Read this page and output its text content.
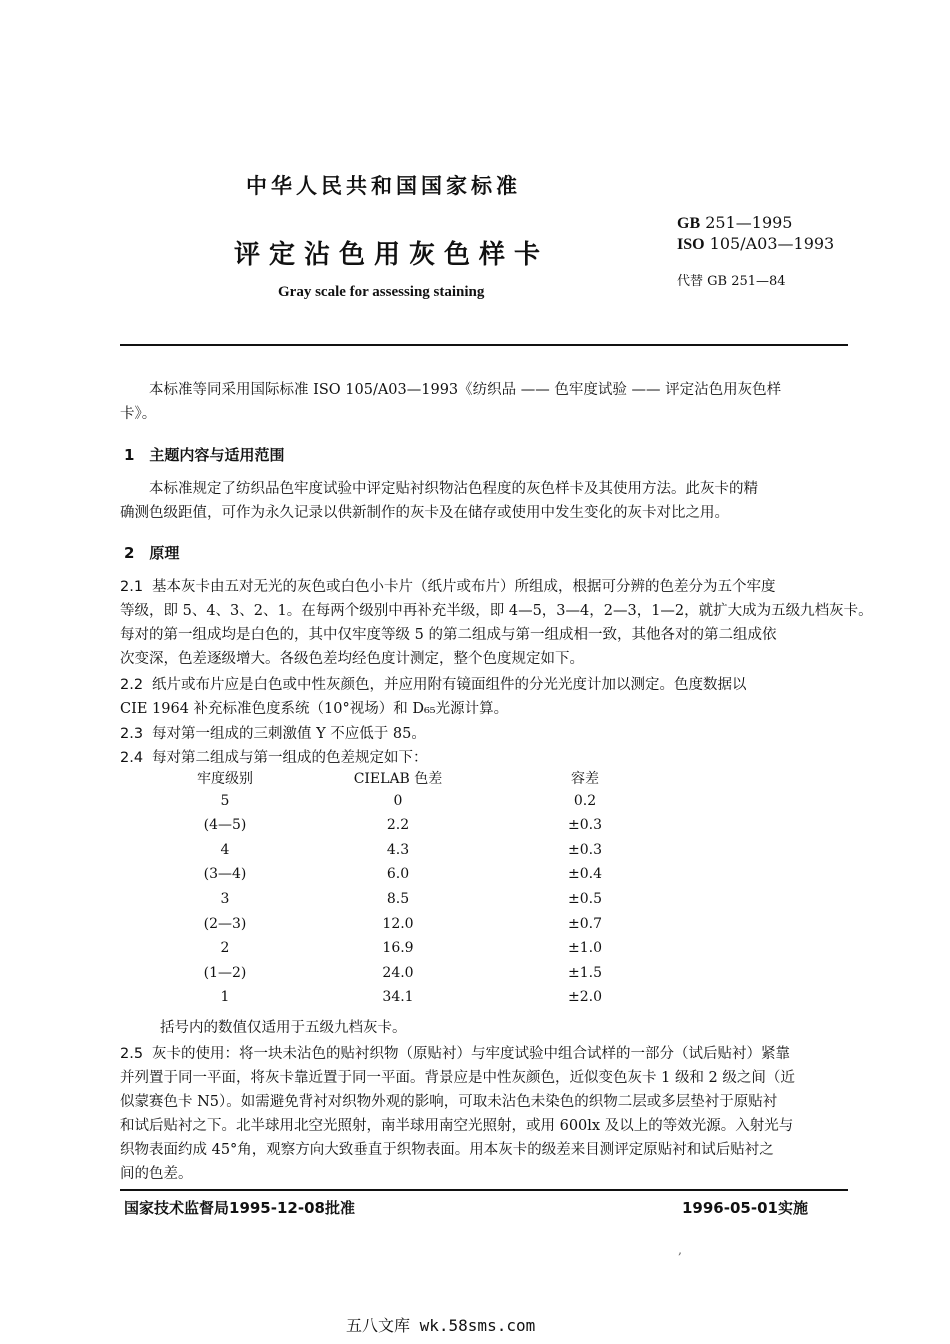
中华人民共和国国家标准
评定沾色用灰色样卡
Gray scale for assessing staining
GB 251—1995
ISO 105/A03—1993
代替 GB 251—84
本标准等同采用国际标准 ISO 105/A03—1993《纺织品 —— 色牢度试验 —— 评定沾色用灰色样
卡》。
1　主题内容与适用范围
本标准规定了纺织品色牢度试验中评定贴衬织物沾色程度的灰色样卡及其使用方法。此灰卡的精
确测色级距值，可作为永久记录以供新制作的灰卡及在储存或使用中发生变化的灰卡对比之用。
2　原理
2.1 基本灰卡由五对无光的灰色或白色小卡片（纸片或布片）所组成，根据可分辨的色差分为五个牢度
等级，即 5、4、3、2、1。在每两个级别中再补充半级，即 4—5，3—4，2—3，1—2，就扩大成为五级九档灰卡。
每对的第一组成均是白色的，其中仅牢度等级 5 的第二组成与第一组成相一致，其他各对的第二组成依
次变深，色差逐级增大。各级色差均经色度计测定，整个色度规定如下。
2.2 纸片或布片应是白色或中性灰颜色，并应用附有镜面组件的分光光度计加以测定。色度数据以
CIE 1964 补充标准色度系统（10°视场）和 D₆₅光源计算。
2.3 每对第一组成的三刺激值 Y 不应低于 85。
2.4 每对第二组成与第一组成的色差规定如下：
牢度级别	CIELAB 色差	容差
5	0	0.2
(4—5)	2.2	±0.3
4	4.3	±0.3
(3—4)	6.0	±0.4
3	8.5	±0.5
(2—3)	12.0	±0.7
2	16.9	±1.0
(1—2)	24.0	±1.5
1	34.1	±2.0
括号内的数值仅适用于五级九档灰卡。
2.5 灰卡的使用：将一块未沾色的贴衬织物（原贴衬）与牢度试验中组合试样的一部分（试后贴衬）紧靠
并列置于同一平面，将灰卡靠近置于同一平面。背景应是中性灰颜色，近似变色灰卡 1 级和 2 级之间（近
似蒙赛色卡 N5）。如需避免背衬对织物外观的影响，可取未沾色未染色的织物二层或多层垫衬于原贴衬
和试后贴衬之下。北半球用北空光照射，南半球用南空光照射，或用 600lx 及以上的等效光源。入射光与
织物表面约成 45°角，观察方向大致垂直于织物表面。用本灰卡的级差来目测评定原贴衬和试后贴衬之
间的色差。
国家技术监督局1995-12-08批准	1996-05-01实施
‚
五八文库 wk.58sms.com
